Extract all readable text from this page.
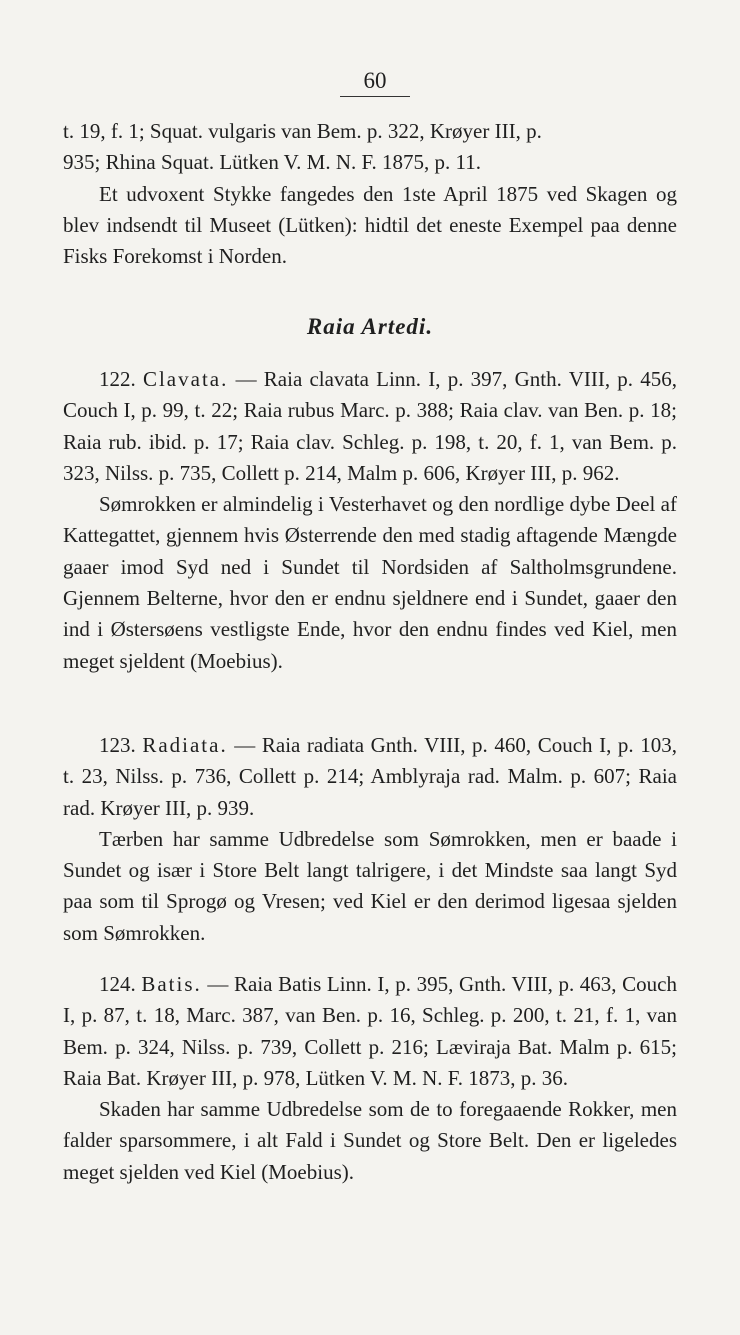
60

t. 19, f. 1; Squat. vulgaris van Bem. p. 322, Krøyer III, p.

935; Rhina Squat. Lütken V. M. N. F. 1875, p. 11.

Et udvoxent Stykke fangedes den 1ste April 1875 ved Skagen og blev indsendt til Museet (Lütken): hidtil det eneste Exempel paa denne Fisks Forekomst i Norden.

Raia Artedi.

122. Clavata. — Raia clavata Linn. I, p. 397, Gnth. VIII, p. 456, Couch I, p. 99, t. 22; Raia rubus Marc. p. 388; Raia clav. van Ben. p. 18; Raia rub. ibid. p. 17; Raia clav. Schleg. p. 198, t. 20, f. 1, van Bem. p. 323, Nilss. p. 735, Collett p. 214, Malm p. 606, Krøyer III, p. 962.

Sømrokken er almindelig i Vesterhavet og den nordlige dybe Deel af Kattegattet, gjennem hvis Østerrende den med stadig aftagende Mængde gaaer imod Syd ned i Sundet til Nordsiden af Saltholmsgrundene. Gjennem Belterne, hvor den er endnu sjeldnere end i Sundet, gaaer den ind i Østersøens vestligste Ende, hvor den endnu findes ved Kiel, men meget sjeldent (Moebius).

123. Radiata. — Raia radiata Gnth. VIII, p. 460, Couch I, p. 103, t. 23, Nilss. p. 736, Collett p. 214; Amblyraja rad. Malm. p. 607; Raia rad. Krøyer III, p. 939.

Tærben har samme Udbredelse som Sømrokken, men er baade i Sundet og især i Store Belt langt talrigere, i det Mindste saa langt Syd paa som til Sprogø og Vresen; ved Kiel er den derimod ligesaa sjelden som Sømrokken.

124. Batis. — Raia Batis Linn. I, p. 395, Gnth. VIII, p. 463, Couch I, p. 87, t. 18, Marc. 387, van Ben. p. 16, Schleg. p. 200, t. 21, f. 1, van Bem. p. 324, Nilss. p. 739, Collett p. 216; Læviraja Bat. Malm p. 615; Raia Bat. Krøyer III, p. 978, Lütken V. M. N. F. 1873, p. 36.

Skaden har samme Udbredelse som de to foregaaende Rokker, men falder sparsommere, i alt Fald i Sundet og Store Belt. Den er ligeledes meget sjelden ved Kiel (Moebius).
